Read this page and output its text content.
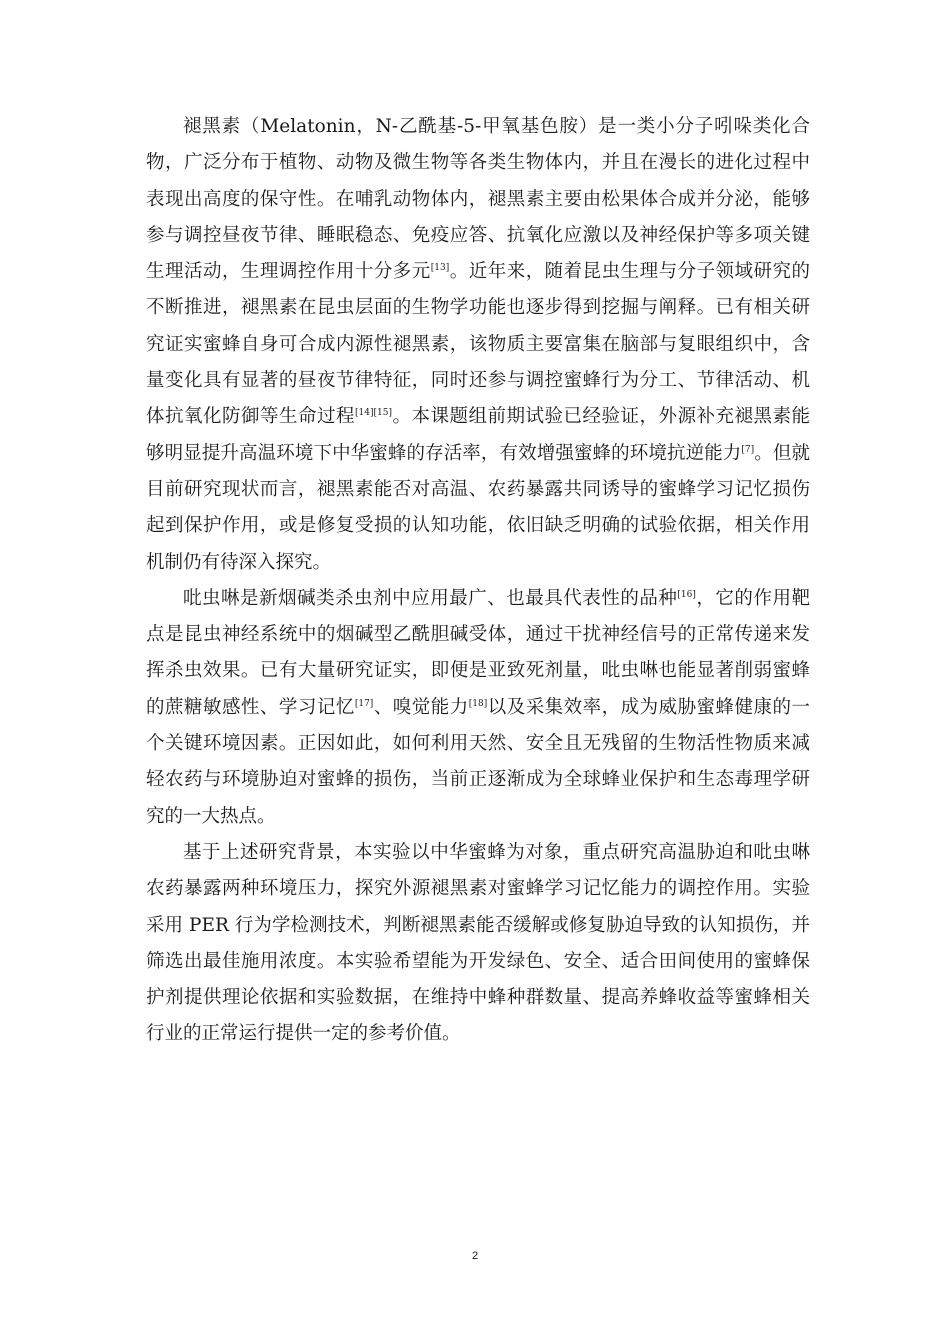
褪黑素（Melatonin，N-乙酰基-5-甲氧基色胺）是一类小分子吲哚类化合物，广泛分布于植物、动物及微生物等各类生物体内，并且在漫长的进化过程中表现出高度的保守性。在哺乳动物体内，褪黑素主要由松果体合成并分泌，能够参与调控昼夜节律、睡眠稳态、免疫应答、抗氧化应激以及神经保护等多项关键生理活动，生理调控作用十分多元[13]。近年来，随着昆虫生理与分子领域研究的不断推进，褪黑素在昆虫层面的生物学功能也逐步得到挖掘与阐释。已有相关研究证实蜜蜂自身可合成内源性褪黑素，该物质主要富集在脑部与复眼组织中，含量变化具有显著的昼夜节律特征，同时还参与调控蜜蜂行为分工、节律活动、机体抗氧化防御等生命过程[14][15]。本课题组前期试验已经验证，外源补充褪黑素能够明显提升高温环境下中华蜜蜂的存活率，有效增强蜜蜂的环境抗逆能力[7]。但就目前研究现状而言，褪黑素能否对高温、农药暴露共同诱导的蜜蜂学习记忆损伤起到保护作用，或是修复受损的认知功能，依旧缺乏明确的试验依据，相关作用机制仍有待深入探究。

吡虫啉是新烟碱类杀虫剂中应用最广、也最具代表性的品种[16]，它的作用靶点是昆虫神经系统中的烟碱型乙酰胆碱受体，通过干扰神经信号的正常传递来发挥杀虫效果。已有大量研究证实，即便是亚致死剂量，吡虫啉也能显著削弱蜜蜂的蔗糖敏感性、学习记忆[17]、嗅觉能力[18]以及采集效率，成为威胁蜜蜂健康的一个关键环境因素。正因如此，如何利用天然、安全且无残留的生物活性物质来减轻农药与环境胁迫对蜜蜂的损伤，当前正逐渐成为全球蜂业保护和生态毒理学研究的一大热点。

基于上述研究背景，本实验以中华蜜蜂为对象，重点研究高温胁迫和吡虫啉农药暴露两种环境压力，探究外源褪黑素对蜜蜂学习记忆能力的调控作用。实验采用 PER 行为学检测技术，判断褪黑素能否缓解或修复胁迫导致的认知损伤，并筛选出最佳施用浓度。本实验希望能为开发绿色、安全、适合田间使用的蜜蜂保护剂提供理论依据和实验数据，在维持中蜂种群数量、提高养蜂收益等蜜蜂相关行业的正常运行提供一定的参考价值。

2
